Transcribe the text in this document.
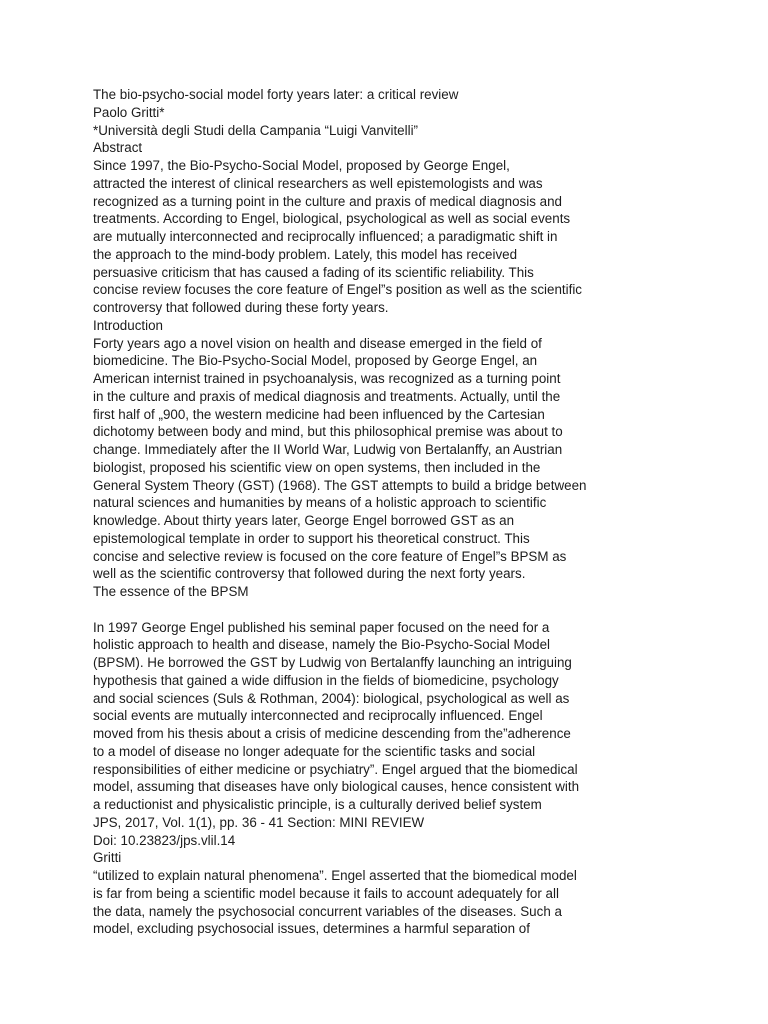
The bio-psycho-social model forty years later: a critical review
Paolo Gritti*
*Università degli Studi della Campania “Luigi Vanvitelli”
Abstract
Since 1997, the Bio-Psycho-Social Model, proposed by George Engel,
attracted the interest of clinical researchers as well epistemologists and was
recognized as a turning point in the culture and praxis of medical diagnosis and
treatments. According to Engel, biological, psychological as well as social events
are mutually interconnected and reciprocally influenced; a paradigmatic shift in
the approach to the mind-body problem. Lately, this model has received
persuasive criticism that has caused a fading of its scientific reliability. This
concise review focuses the core feature of Engel”s position as well as the scientific
controversy that followed during these forty years.
Introduction
Forty years ago a novel vision on health and disease emerged in the field of
biomedicine. The Bio-Psycho-Social Model, proposed by George Engel, an
American internist trained in psychoanalysis, was recognized as a turning point
in the culture and praxis of medical diagnosis and treatments. Actually, until the
first half of „900, the western medicine had been influenced by the Cartesian
dichotomy between body and mind, but this philosophical premise was about to
change. Immediately after the II World War, Ludwig von Bertalanffy, an Austrian
biologist, proposed his scientific view on open systems, then included in the
General System Theory (GST) (1968). The GST attempts to build a bridge between
natural sciences and humanities by means of a holistic approach to scientific
knowledge. About thirty years later, George Engel borrowed GST as an
epistemological template in order to support his theoretical construct. This
concise and selective review is focused on the core feature of Engel”s BPSM as
well as the scientific controversy that followed during the next forty years.
The essence of the BPSM
In 1997 George Engel published his seminal paper focused on the need for a
holistic approach to health and disease, namely the Bio-Psycho-Social Model
(BPSM). He borrowed the GST by Ludwig von Bertalanffy launching an intriguing
hypothesis that gained a wide diffusion in the fields of biomedicine, psychology
and social sciences (Suls & Rothman, 2004): biological, psychological as well as
social events are mutually interconnected and reciprocally influenced. Engel
moved from his thesis about a crisis of medicine descending from the”adherence
to a model of disease no longer adequate for the scientific tasks and social
responsibilities of either medicine or psychiatry”. Engel argued that the biomedical
model, assuming that diseases have only biological causes, hence consistent with
a reductionist and physicalistic principle, is a culturally derived belief system
JPS, 2017, Vol. 1(1), pp. 36 - 41 Section: MINI REVIEW
Doi: 10.23823/jps.vlil.14
Gritti
“utilized to explain natural phenomena”. Engel asserted that the biomedical model
is far from being a scientific model because it fails to account adequately for all
the data, namely the psychosocial concurrent variables of the diseases. Such a
model, excluding psychosocial issues, determines a harmful separation of
